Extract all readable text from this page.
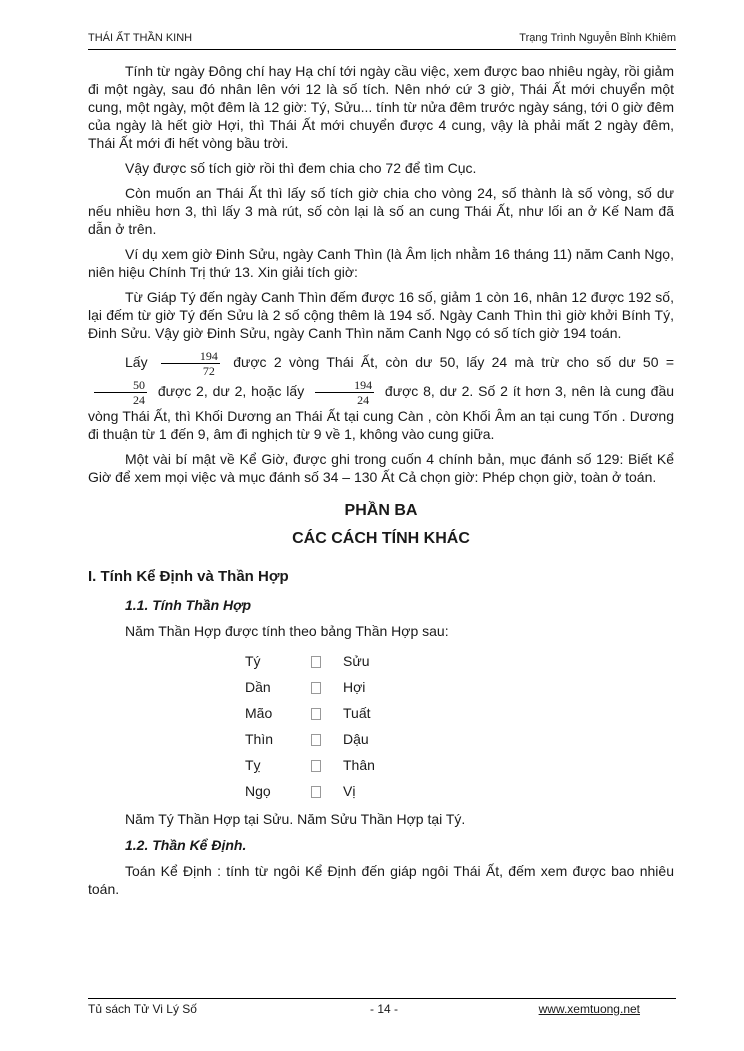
THÁI ẤT THẦN KINH	Trạng Trình Nguyễn Bỉnh Khiêm

Tính từ ngày Đông chí hay Hạ chí tới ngày cầu việc, xem được bao nhiêu ngày, rồi giảm đi một ngày, sau đó nhân lên với 12 là số tích. Nên nhớ cứ 3 giờ, Thái Ất mới chuyển một cung, một ngày, một đêm là 12 giờ: Tý, Sửu... tính từ nửa đêm trước ngày sáng, tới 0 giờ đêm của ngày là hết giờ Hợi, thì Thái Ất mới chuyển được 4 cung, vậy là phải mất 2 ngày đêm, Thái Ất mới đi hết vòng bầu trời.

Vậy được số tích giờ rồi thì đem chia cho 72 để tìm Cục.

Còn muốn an Thái Ất thì lấy số tích giờ chia cho vòng 24, số thành là số vòng, số dư nếu nhiều hơn 3, thì lấy 3 mà rút, số còn lại là số an cung Thái Ất, như lối an ở Kế Nam đã dẫn ở trên.

Ví dụ xem giờ Đinh Sửu, ngày Canh Thìn (là Âm lịch nhằm 16 tháng 11) năm Canh Ngọ, niên hiệu Chính Trị thứ 13. Xin giải tích giờ:

Từ Giáp Tý đến ngày Canh Thìn đếm được 16 số, giảm 1 còn 16, nhân 12 được 192 số, lại đếm từ giờ Tý đến Sửu là 2 số cộng thêm là 194 số. Ngày Canh Thìn thì giờ khởi Bính Tý, Đinh Sửu. Vậy giờ Đinh Sửu, ngày Canh Thìn năm Canh Ngọ có số tích giờ 194 toán.

Lấy $\frac{194}{72}$ được 2 vòng Thái Ất, còn dư 50, lấy 24 mà trừ cho số dư 50 =
$\frac{50}{24}$ được 2, dư 2, hoặc lấy $\frac{194}{24}$ được 8, dư 2. Số 2 ít hơn 3, nên là cung đầu vòng Thái Ất, thì Khối Dương an Thái Ất tại cung Càn , còn Khối Âm an tại cung Tốn . Dương đi thuận từ 1 đến 9, âm đi nghịch từ 9 về 1, không vào cung giữa.

Một vài bí mật về Kể Giờ, được ghi trong cuốn 4 chính bản, mục đánh số 129: Biết Kể Giờ để xem mọi việc và mục đánh số 34 – 130 Ất Cả chọn giờ: Phép chọn giờ, toàn ở toán.

PHẦN BA
CÁC CÁCH TÍNH KHÁC
I. Tính Kể Định và Thần Hợp
1.1. Tính Thần Hợp
Năm Thần Hợp được tính theo bảng Thần Hợp sau:
Tý		Sửu
Dần		Hợi
Mão		Tuất
Thìn		Dậu
Tỵ		Thân
Ngọ		Vị
Năm Tý Thần Hợp tại Sửu. Năm Sửu Thần Hợp tại Tý.
1.2. Thần Kể Định.

Toán Kể Định : tính từ ngôi Kể Định đến giáp ngôi Thái Ất, đếm xem được bao nhiêu toán.

Tủ sách Tử Vi Lý Số	- 14 -	www.xemtuong.net
